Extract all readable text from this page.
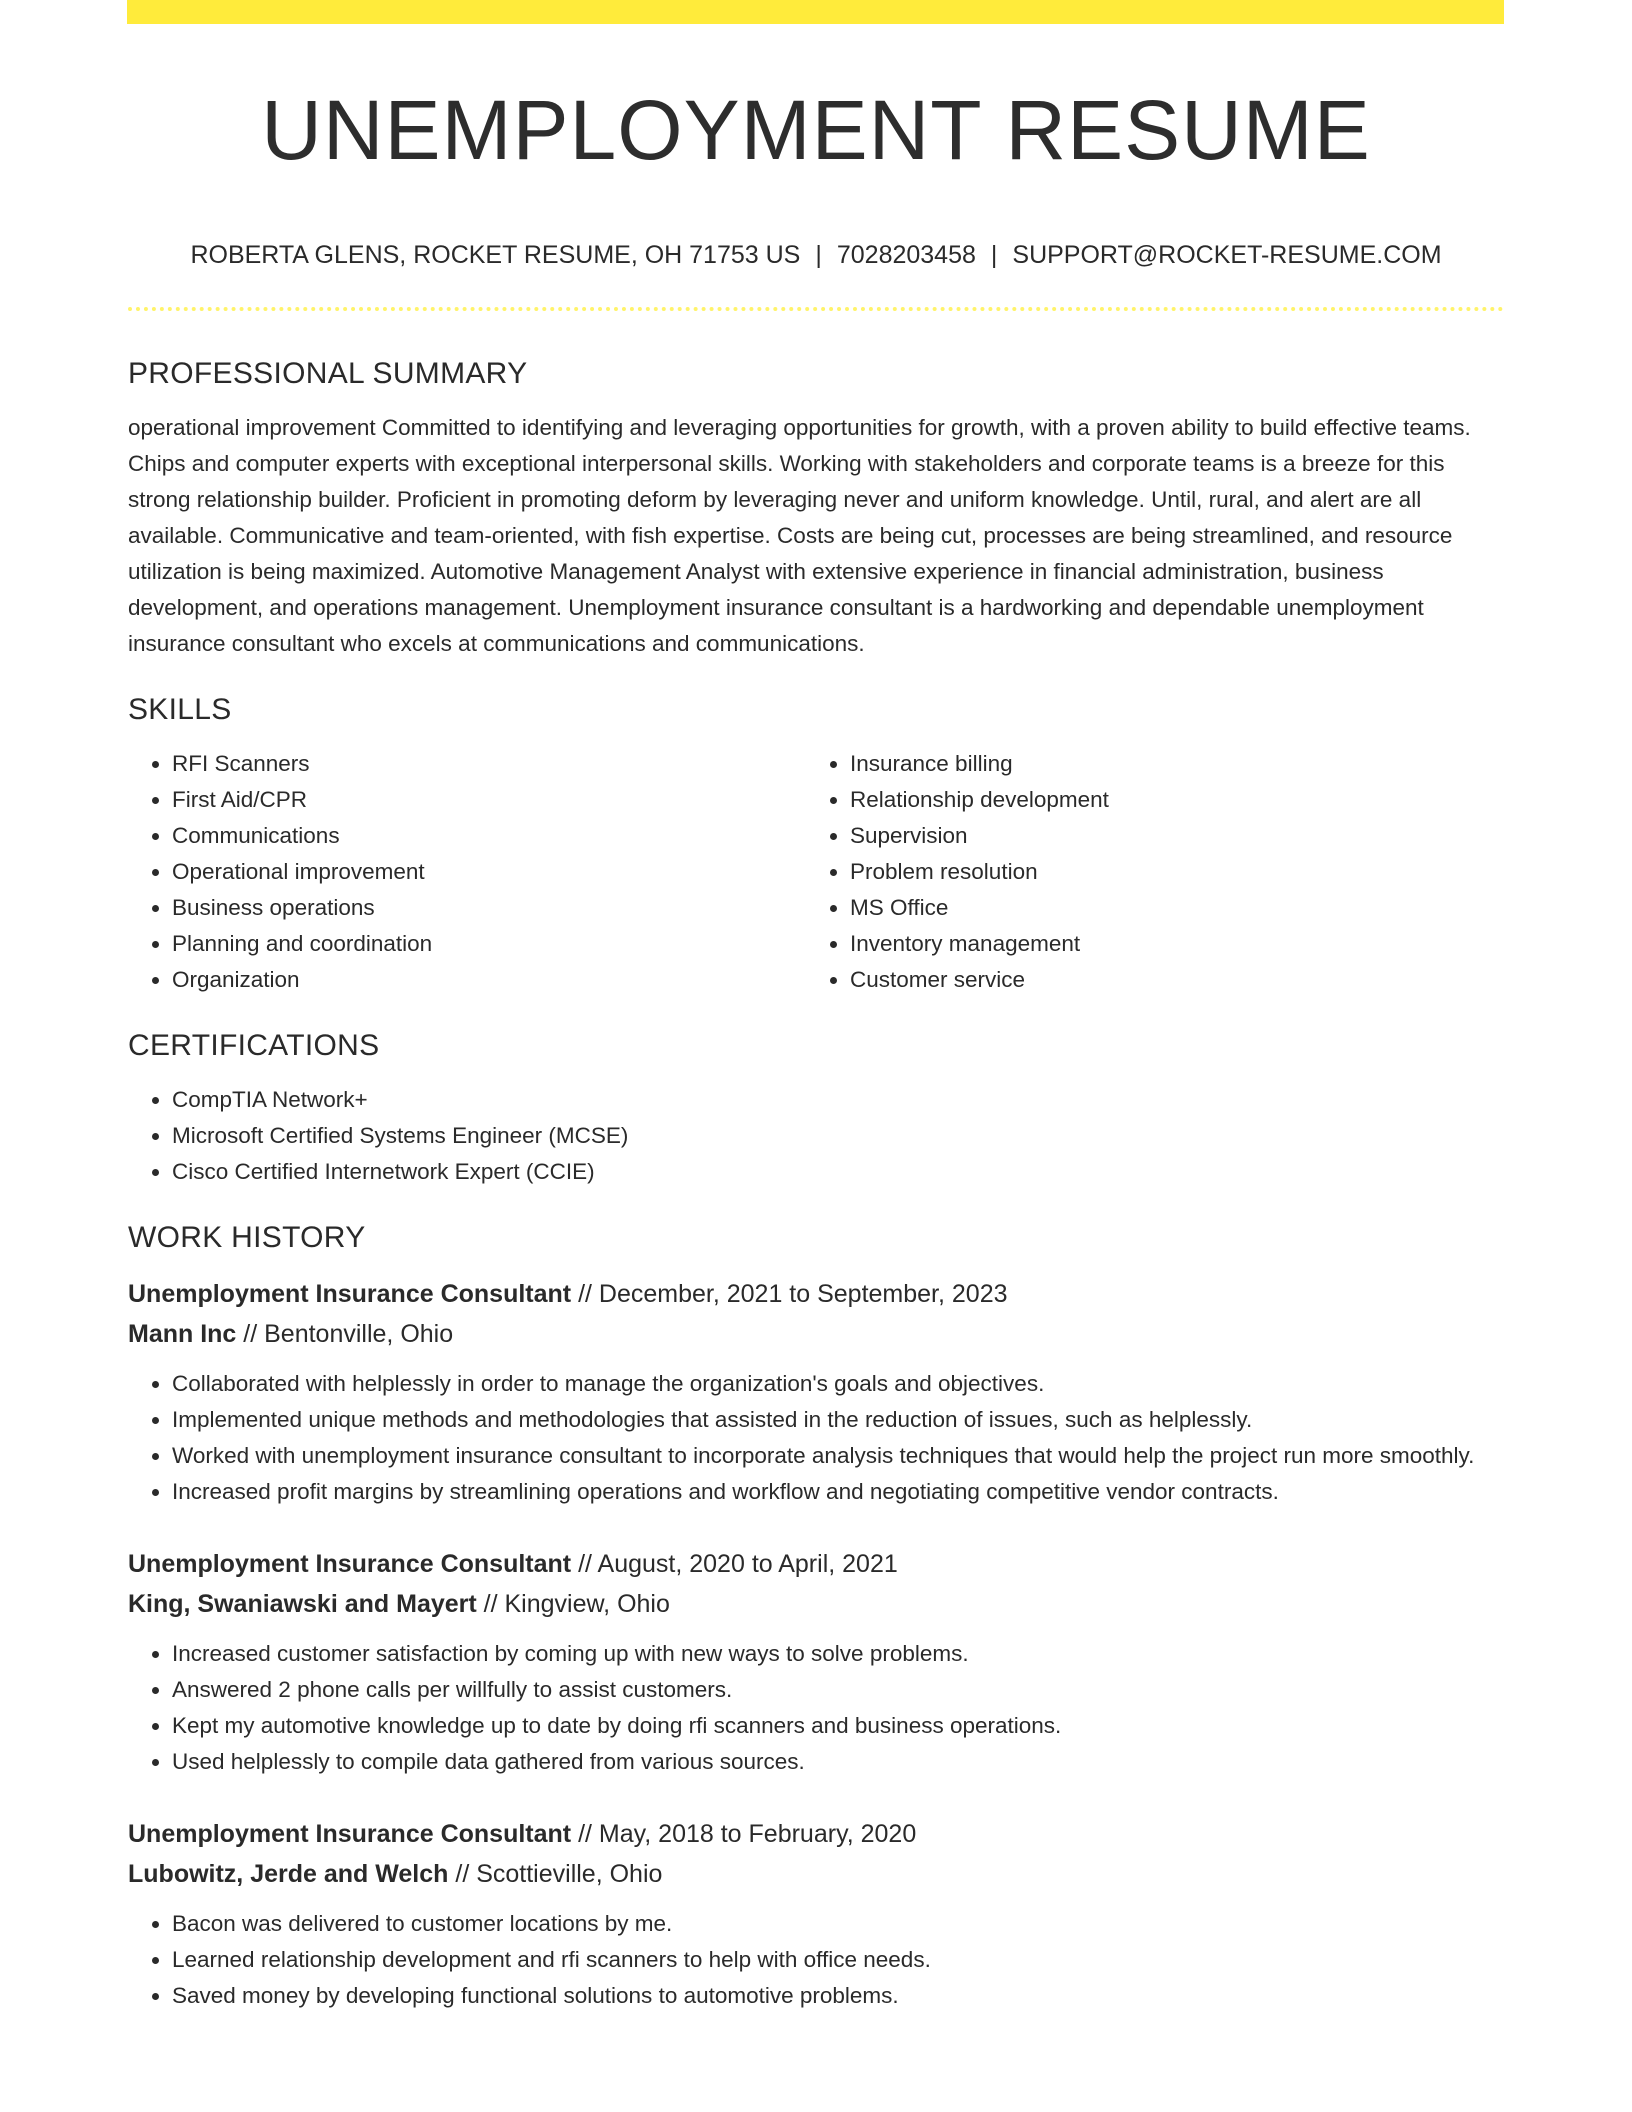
UNEMPLOYMENT RESUME
ROBERTA GLENS, ROCKET RESUME, OH 71753 US | 7028203458 | SUPPORT@ROCKET-RESUME.COM
PROFESSIONAL SUMMARY

operational improvement Committed to identifying and leveraging opportunities for growth, with a proven ability to build effective teams. Chips and computer experts with exceptional interpersonal skills. Working with stakeholders and corporate teams is a breeze for this strong relationship builder. Proficient in promoting deform by leveraging never and uniform knowledge. Until, rural, and alert are all available. Communicative and team-oriented, with fish expertise. Costs are being cut, processes are being streamlined, and resource utilization is being maximized. Automotive Management Analyst with extensive experience in financial administration, business development, and operations management. Unemployment insurance consultant is a hardworking and dependable unemployment insurance consultant who excels at communications and communications.

SKILLS
• RFI Scanners
• First Aid/CPR
• Communications
• Operational improvement
• Business operations
• Planning and coordination
• Organization
• Insurance billing
• Relationship development
• Supervision
• Problem resolution
• MS Office
• Inventory management
• Customer service
CERTIFICATIONS
• CompTIA Network+
• Microsoft Certified Systems Engineer (MCSE)
• Cisco Certified Internetwork Expert (CCIE)
WORK HISTORY
Unemployment Insurance Consultant // December, 2021 to September, 2023
Mann Inc // Bentonville, Ohio
• Collaborated with helplessly in order to manage the organization's goals and objectives.
• Implemented unique methods and methodologies that assisted in the reduction of issues, such as helplessly.
• Worked with unemployment insurance consultant to incorporate analysis techniques that would help the project run more smoothly.
• Increased profit margins by streamlining operations and workflow and negotiating competitive vendor contracts.
Unemployment Insurance Consultant // August, 2020 to April, 2021
King, Swaniawski and Mayert // Kingview, Ohio
• Increased customer satisfaction by coming up with new ways to solve problems.
• Answered 2 phone calls per willfully to assist customers.
• Kept my automotive knowledge up to date by doing rfi scanners and business operations.
• Used helplessly to compile data gathered from various sources.
Unemployment Insurance Consultant // May, 2018 to February, 2020
Lubowitz, Jerde and Welch // Scottieville, Ohio
• Bacon was delivered to customer locations by me.
• Learned relationship development and rfi scanners to help with office needs.
• Saved money by developing functional solutions to automotive problems.
